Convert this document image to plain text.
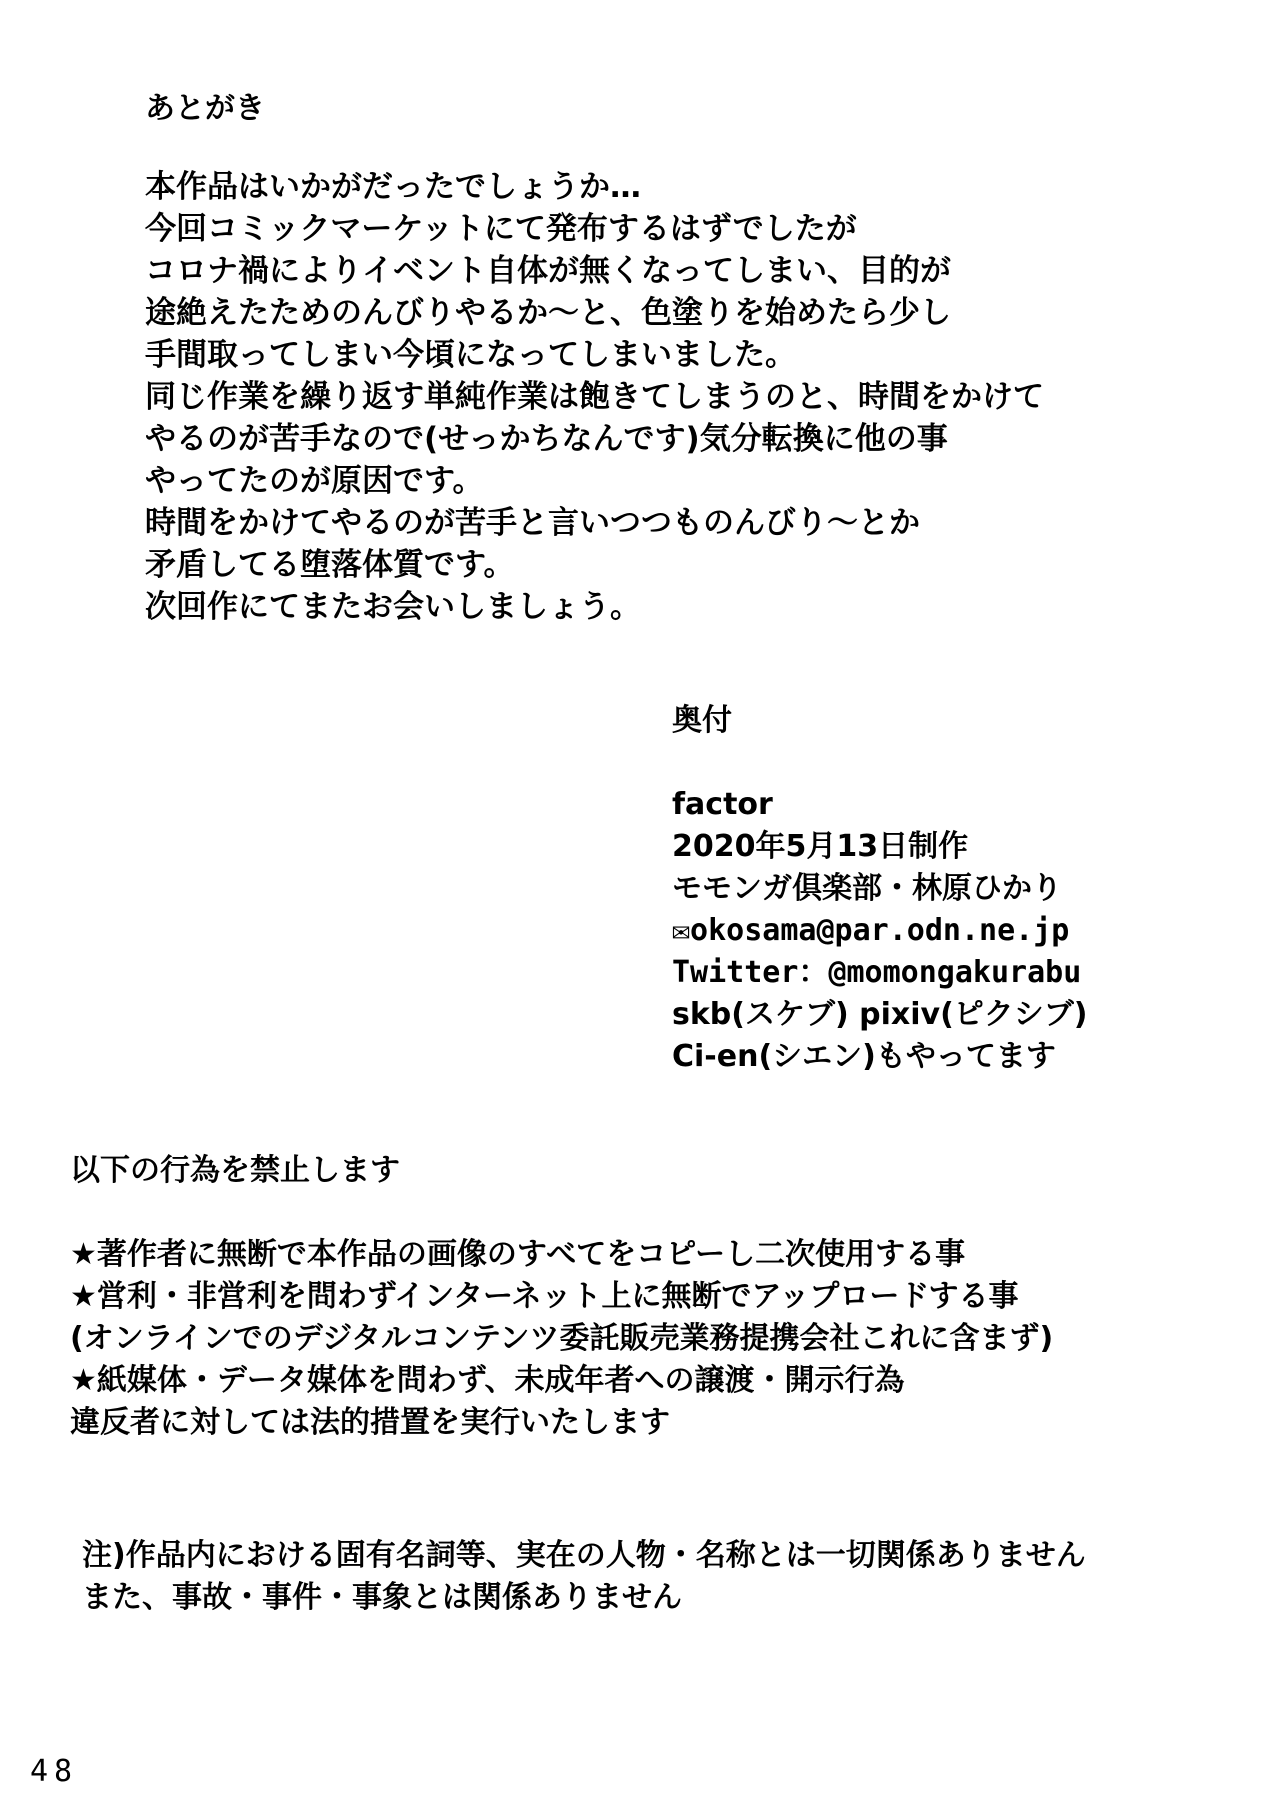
あとがき
本作品はいかがだったでしょうか…
今回コミックマーケットにて発布するはずでしたが
コロナ禍によりイベント自体が無くなってしまい、目的が
途絶えたためのんびりやるか～と、色塗りを始めたら少し
手間取ってしまい今頃になってしまいました。
同じ作業を繰り返す単純作業は飽きてしまうのと、時間をかけて
やるのが苦手なので(せっかちなんです)気分転換に他の事
やってたのが原因です。
時間をかけてやるのが苦手と言いつつものんびり～とか
矛盾してる堕落体質です。
次回作にてまたお会いしましょう。
奥付
factor
2020年5月13日制作
モモンガ倶楽部・林原ひかり
✉okosama@par.odn.ne.jp
Twitter：@momongakurabu
skb(スケブ) pixiv(ピクシブ)
Ci-en(シエン)もやってます
以下の行為を禁止します
★著作者に無断で本作品の画像のすべてをコピーし二次使用する事
★営利・非営利を問わずインターネット上に無断でアップロードする事
(オンラインでのデジタルコンテンツ委託販売業務提携会社これに含まず)
★紙媒体・データ媒体を問わず、未成年者への譲渡・開示行為
違反者に対しては法的措置を実行いたします
注)作品内における固有名詞等、実在の人物・名称とは一切関係ありません
また、事故・事件・事象とは関係ありません
48
